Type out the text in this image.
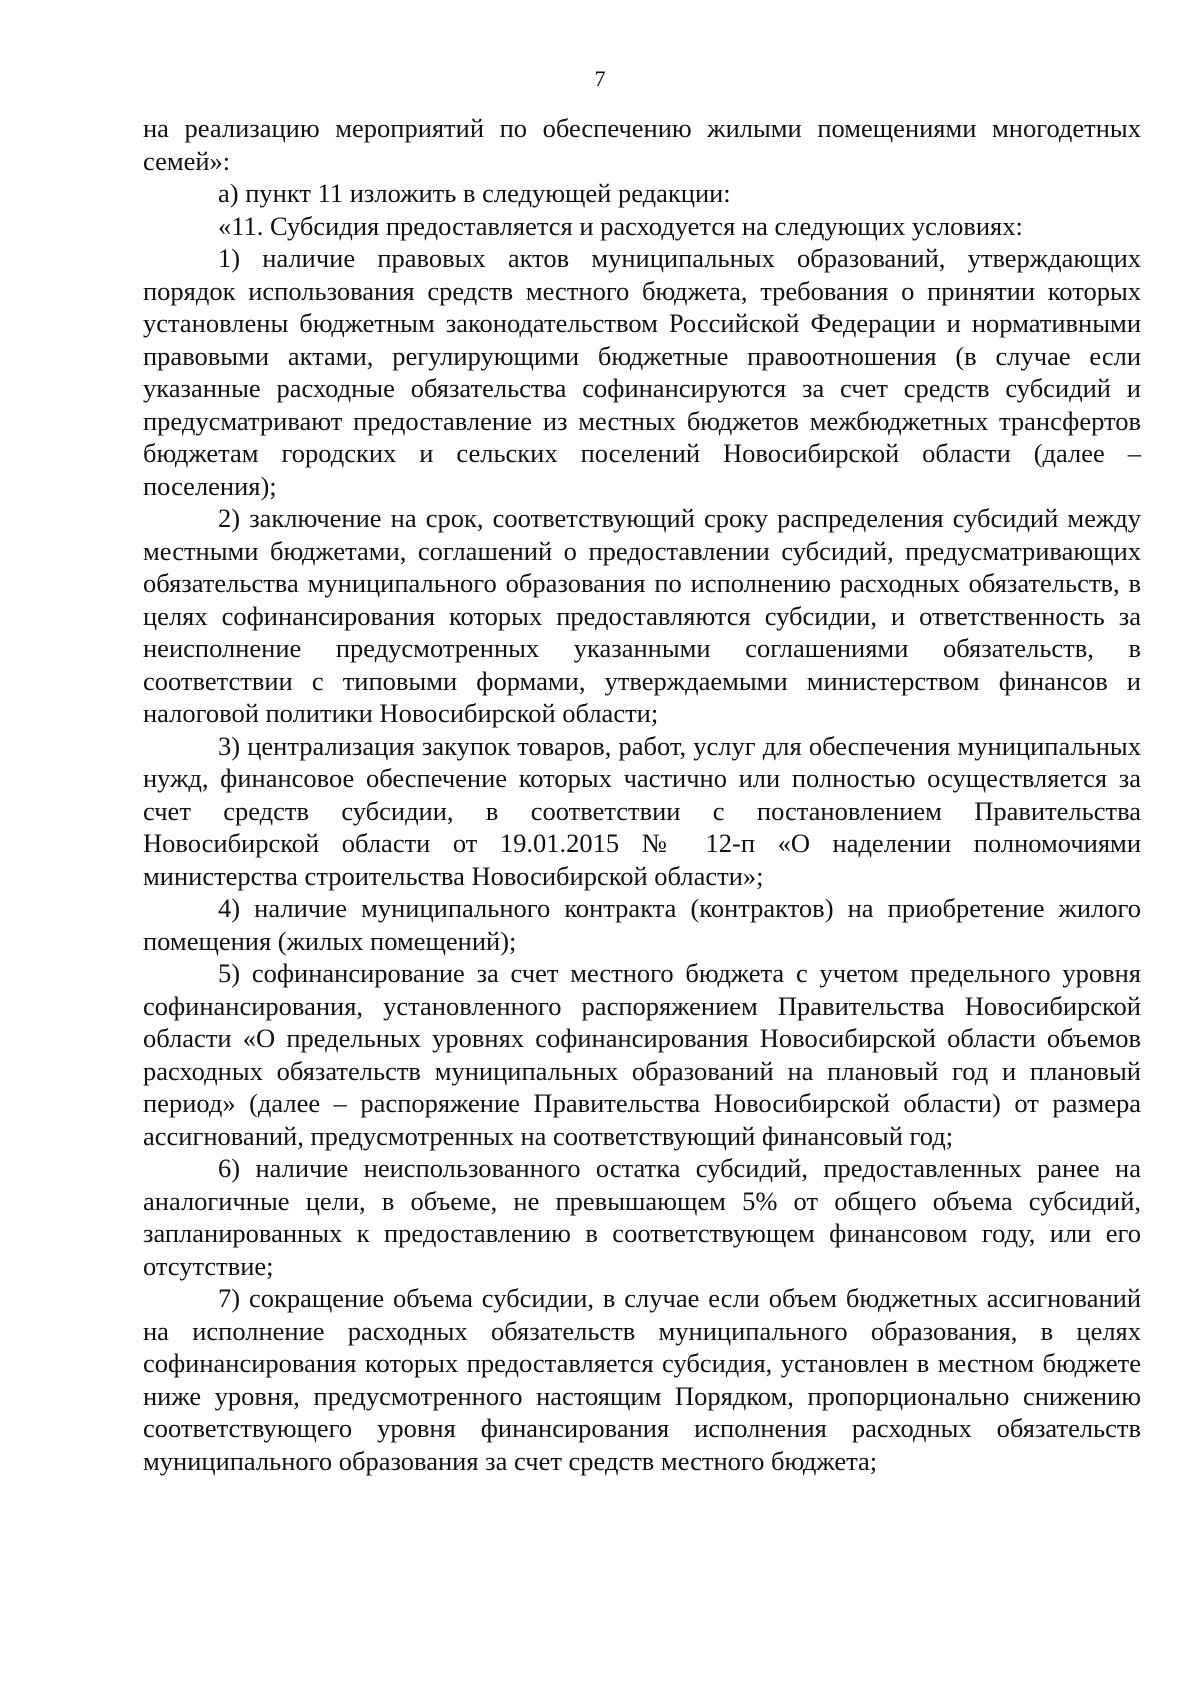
7

на реализацию мероприятий по обеспечению жилыми помещениями многодетных семей»:

а) пункт 11 изложить в следующей редакции:

«11. Субсидия предоставляется и расходуется на следующих условиях:

1) наличие правовых актов муниципальных образований, утверждающих порядок использования средств местного бюджета, требования о принятии которых установлены бюджетным законодательством Российской Федерации и нормативными правовыми актами, регулирующими бюджетные правоотношения (в случае если указанные расходные обязательства софинансируются за счет средств субсидий и предусматривают предоставление из местных бюджетов межбюджетных трансфертов бюджетам городских и сельских поселений Новосибирской области (далее – поселения);

2) заключение на срок, соответствующий сроку распределения субсидий между местными бюджетами, соглашений о предоставлении субсидий, предусматривающих обязательства муниципального образования по исполнению расходных обязательств, в целях софинансирования которых предоставляются субсидии, и ответственность за неисполнение предусмотренных указанными соглашениями обязательств, в соответствии с типовыми формами, утверждаемыми министерством финансов и налоговой политики Новосибирской области;

3) централизация закупок товаров, работ, услуг для обеспечения муниципальных нужд, финансовое обеспечение которых частично или полностью осуществляется за счет средств субсидии, в соответствии с постановлением Правительства Новосибирской области от 19.01.2015 № 12-п «О наделении полномочиями министерства строительства Новосибирской области»;

4) наличие муниципального контракта (контрактов) на приобретение жилого помещения (жилых помещений);

5) софинансирование за счет местного бюджета с учетом предельного уровня софинансирования, установленного распоряжением Правительства Новосибирской области «О предельных уровнях софинансирования Новосибирской области объемов расходных обязательств муниципальных образований на плановый год и плановый период» (далее – распоряжение Правительства Новосибирской области) от размера ассигнований, предусмотренных на соответствующий финансовый год;

6) наличие неиспользованного остатка субсидий, предоставленных ранее на аналогичные цели, в объеме, не превышающем 5% от общего объема субсидий, запланированных к предоставлению в соответствующем финансовом году, или его отсутствие;

7) сокращение объема субсидии, в случае если объем бюджетных ассигнований на исполнение расходных обязательств муниципального образования, в целях софинансирования которых предоставляется субсидия, установлен в местном бюджете ниже уровня, предусмотренного настоящим Порядком, пропорционально снижению соответствующего уровня финансирования исполнения расходных обязательств муниципального образования за счет средств местного бюджета;
